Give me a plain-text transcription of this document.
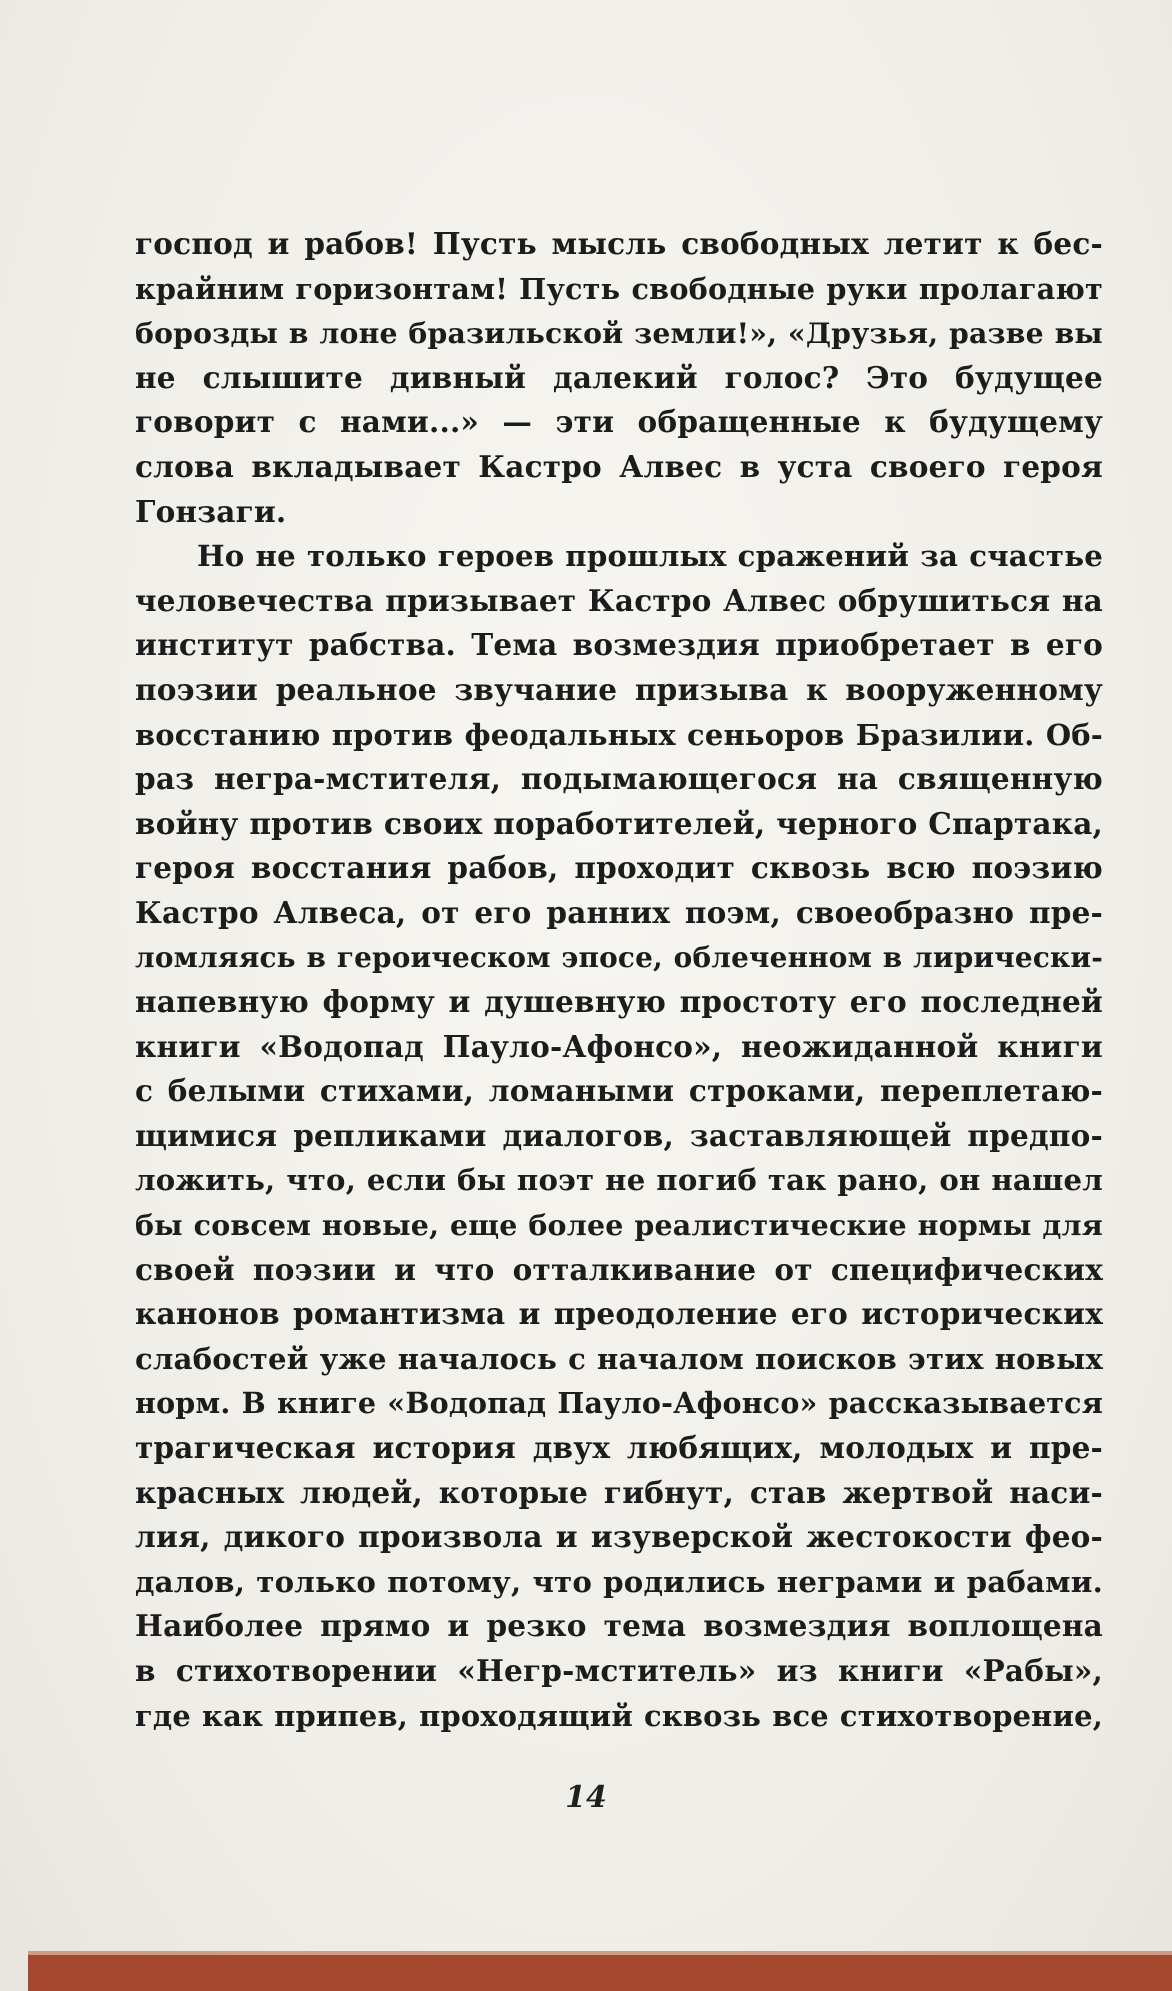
господ и рабов! Пусть мысль свободных летит к бес-
крайним горизонтам! Пусть свободные руки пролагают
борозды в лоне бразильской земли!», «Друзья, разве вы
не слышите дивный далекий голос? Это будущее
говорит с нами...» — эти обращенные к будущему
слова вкладывает Кастро Алвес в уста своего героя
Гонзаги.
Но не только героев прошлых сражений за счастье
человечества призывает Кастро Алвес обрушиться на
институт рабства. Тема возмездия приобретает в его
поэзии реальное звучание призыва к вооруженному
восстанию против феодальных сеньоров Бразилии. Об-
раз негра-мстителя, подымающегося на священную
войну против своих поработителей, черного Спартака,
героя восстания рабов, проходит сквозь всю поэзию
Кастро Алвеса, от его ранних поэм, своеобразно пре-
ломляясь в героическом эпосе, облеченном в лирически-
напевную форму и душевную простоту его последней
книги «Водопад Пауло-Афонсо», неожиданной книги
с белыми стихами, ломаными строками, переплетаю-
щимися репликами диалогов, заставляющей предпо-
ложить, что, если бы поэт не погиб так рано, он нашел
бы совсем новые, еще более реалистические нормы для
своей поэзии и что отталкивание от специфических
канонов романтизма и преодоление его исторических
слабостей уже началось с началом поисков этих новых
норм. В книге «Водопад Пауло-Афонсо» рассказывается
трагическая история двух любящих, молодых и пре-
красных людей, которые гибнут, став жертвой наси-
лия, дикого произвола и изуверской жестокости фео-
далов, только потому, что родились неграми и рабами.
Наиболее прямо и резко тема возмездия воплощена
в стихотворении «Негр-мститель» из книги «Рабы»,
где как припев, проходящий сквозь все стихотворение,
14
